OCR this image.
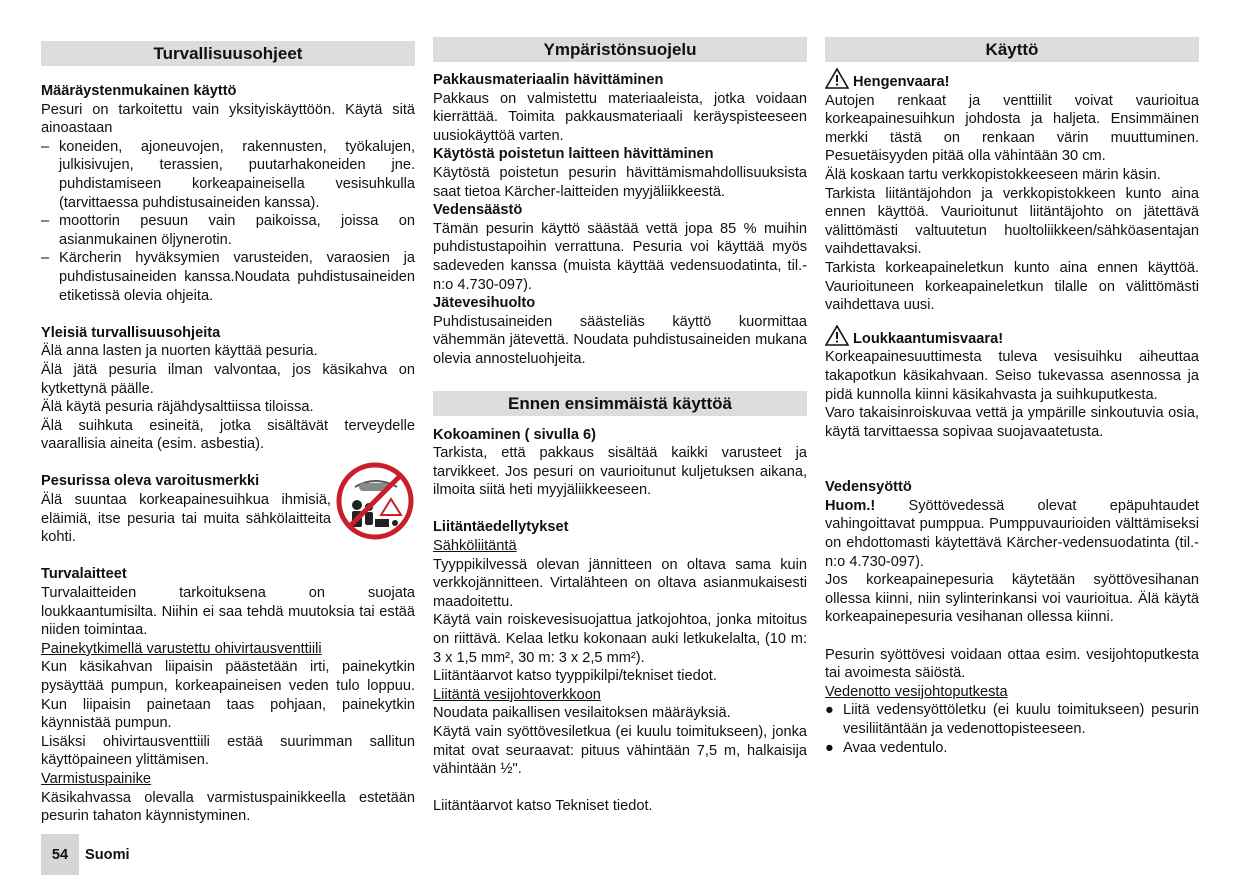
Turvallisuusohjeet

Määräystenmukainen käyttö

Pesuri on tarkoitettu vain yksityiskäyttöön. Käytä sitä ainoastaan

– koneiden, ajoneuvojen, rakennusten, työkalujen, julkisivujen, terassien, puutarhakoneiden jne. puhdistamiseen korkeapaineisella vesisuhkulla (tarvittaessa puhdistusaineiden kanssa).
– moottorin pesuun vain paikoissa, joissa on asianmukainen öljynerotin.
– Kärcherin hyväksymien varusteiden, varaosien ja puhdistusaineiden kanssa.Noudata puhdistusaineiden etiketissä olevia ohjeita.

Yleisiä turvallisuusohjeita

Älä anna lasten ja nuorten käyttää pesuria.

Älä jätä pesuria ilman valvontaa, jos käsikahva on kytkettynä päälle.

Älä käytä pesuria räjähdysalttiissa tiloissa.

Älä suihkuta esineitä, jotka sisältävät terveydelle vaarallisia aineita (esim. asbestia).

Pesurissa oleva varoitusmerkki

Älä suuntaa korkeapainesuihkua ihmisiä, eläimiä, itse pesuria tai muita sähkölaitteita kohti.

Turvalaitteet

Turvalaitteiden tarkoituksena on suojata loukkaantumisilta. Niihin ei saa tehdä muutoksia tai estää niiden toimintaa.

Painekytkimellä varustettu ohivirtausventtiili

Kun käsikahvan liipaisin päästetään irti, painekytkin pysäyttää pumpun, korkeapaineisen veden tulo loppuu. Kun liipaisin painetaan taas pohjaan, painekytkin käynnistää pumpun.

Lisäksi ohivirtausventtiili estää suurimman sallitun käyttöpaineen ylittämisen.

Varmistuspainike

Käsikahvassa olevalla varmistuspainikkeella estetään pesurin tahaton käynnistyminen.

Ympäristönsuojelu

Pakkausmateriaalin hävittäminen

Pakkaus on valmistettu materiaaleista, jotka voidaan kierrättää. Toimita pakkausmateriaali keräyspisteeseen uusiokäyttöä varten.

Käytöstä poistetun laitteen hävittäminen

Käytöstä poistetun pesurin hävittämismahdollisuuksista saat tietoa Kärcher-laitteiden myyjäliikkeestä.

Vedensäästö

Tämän pesurin käyttö säästää vettä jopa 85 % muihin puhdistustapoihin verrattuna. Pesuria voi käyttää myös sadeveden kanssa (muista käyttää vedensuodatinta, til.-n:o 4.730-097).

Jätevesihuolto

Puhdistusaineiden säästeliäs käyttö kuormittaa vähemmän jätevettä. Noudata puhdistusaineiden mukana olevia annosteluohjeita.

Ennen ensimmäistä käyttöä

Kokoaminen ( sivulla 6)

Tarkista, että pakkaus sisältää kaikki varusteet ja tarvikkeet. Jos pesuri on vaurioitunut kuljetuksen aikana, ilmoita siitä heti myyjäliikkeeseen.

Liitäntäedellytykset

Sähköliitäntä

Tyyppikilvessä olevan jännitteen on oltava sama kuin verkkojännitteen. Virtalähteen on oltava asianmukaisesti maadoitettu.

Käytä vain roiskevesisuojattua jatkojohtoa, jonka mitoitus on riittävä. Kelaa letku kokonaan auki letkukelalta, (10 m: 3 x 1,5 mm², 30 m: 3 x 2,5 mm²).

Liitäntäarvot katso tyyppikilpi/tekniset tiedot.

Liitäntä vesijohtoverkkoon

Noudata paikallisen vesilaitoksen määräyksiä.

Käytä vain syöttövesiletkua (ei kuulu toimitukseen), jonka mitat ovat seuraavat: pituus vähintään 7,5 m, halkaisija vähintään ½".

Liitäntäarvot katso Tekniset tiedot.

Käyttö

Hengenvaara!

Autojen renkaat ja venttiilit voivat vaurioitua korkeapainesuihkun johdosta ja haljeta. Ensimmäinen merkki tästä on renkaan värin muuttuminen. Pesuetäisyyden pitää olla vähintään 30 cm.

Älä koskaan tartu verkkopistokkeeseen märin käsin.

Tarkista liitäntäjohdon ja verkkopistokkeen kunto aina ennen käyttöä. Vaurioitunut liitäntäjohto on jätettävä välittömästi valtuutetun huoltoliikkeen/sähköasentajan vaihdettavaksi.

Tarkista korkeapaineletkun kunto aina ennen käyttöä. Vaurioituneen korkeapaineletkun tilalle on välittömästi vaihdettava uusi.

Loukkaantumisvaara!

Korkeapainesuuttimesta tuleva vesisuihku aiheuttaa takapotkun käsikahvaan. Seiso tukevassa asennossa ja pidä kunnolla kiinni käsikahvasta ja suihkuputkesta.

Varo takaisinroiskuvaa vettä ja ympärille sinkoutuvia osia, käytä tarvittaessa sopivaa suojavaatetusta.

Vedensyöttö

Huom.! Syöttövedessä olevat epäpuhtaudet vahingoittavat pumppua. Pumppuvaurioiden välttämiseksi on ehdottomasti käytettävä Kärcher-vedensuodatinta (til.-n:o 4.730-097).

Jos korkeapainepesuria käytetään syöttövesihanan ollessa kiinni, niin sylinterinkansi voi vaurioitua. Älä käytä korkeapainepesuria vesihanan ollessa kiinni.

Pesurin syöttövesi voidaan ottaa esim. vesijohtoputkesta tai avoimesta säiöstä.

Vedenotto vesijohtoputkesta

● Liitä vedensyöttöletku (ei kuulu toimitukseen) pesurin vesiliitäntään ja vedenottopisteeseen.
● Avaa vedentulo.
54	Suomi
